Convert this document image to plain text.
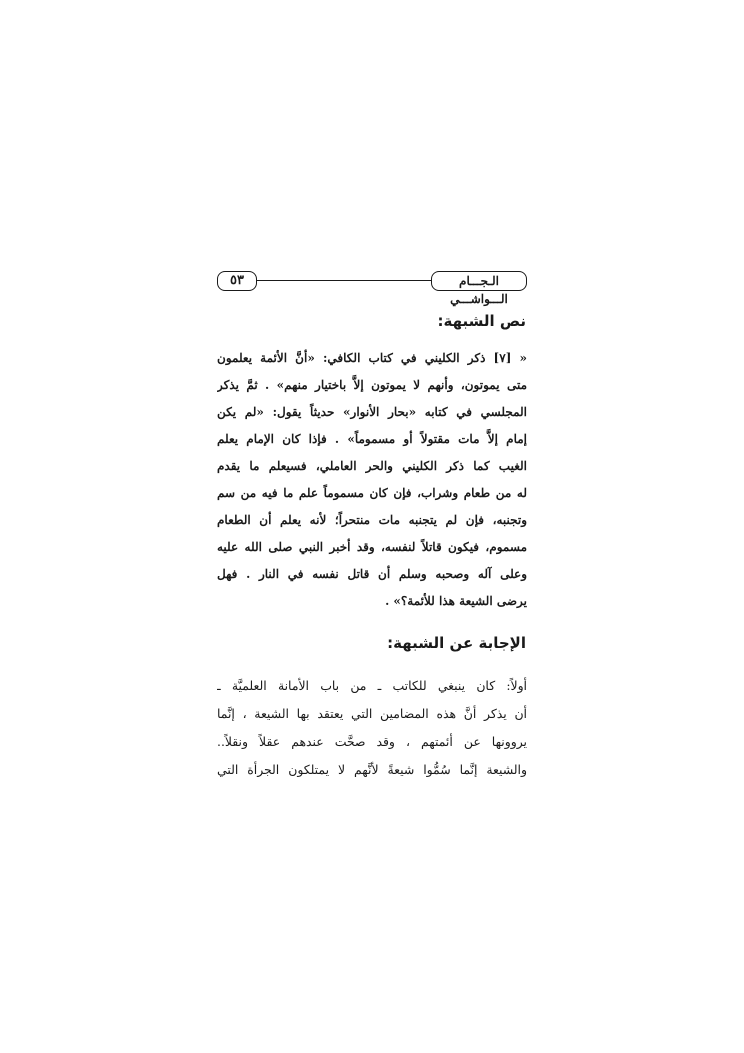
٥٣	الـجـــام الـــواشـــي
نص الشبهة:
« [٧] ذكر الكليني في كتاب الكافي: «أنَّ الأئمة يعلمون
متى يموتون، وأنهم لا يموتون إلاَّ باختيار منهم» . ثمَّ يذكر
المجلسي في كتابه «بحار الأنوار» حديثاً يقول: «لم يكن
إمام إلاَّ مات مقتولاً أو مسموماً» . فإذا كان الإمام يعلم
الغيب كما ذكر الكليني والحر العاملي، فسيعلم ما يقدم
له من طعام وشراب، فإن كان مسموماً علم ما فيه من سم
وتجنبه، فإن لم يتجنبه مات منتحراً؛ لأنه يعلم أن الطعام
مسموم، فيكون قاتلاً لنفسه، وقد أخبر النبي صلى الله عليه
وعلى آله وصحبه وسلم أن قاتل نفسه في النار . فهل
يرضى الشيعة هذا للأئمة؟» .
الإجابة عن الشبهة:
أولاً: كان ينبغي للكاتب ـ من باب الأمانة العلميَّة ـ
أن يذكر أنَّ هذه المضامين التي يعتقد بها الشيعة ، إنَّما
يروونها عن أئمتهم ، وقد صحَّت عندهم عقلاً ونقلاً..
والشيعة إنَّما سُمُّوا شيعةً لأنَّهم لا يمتلكون الجرأة التي
